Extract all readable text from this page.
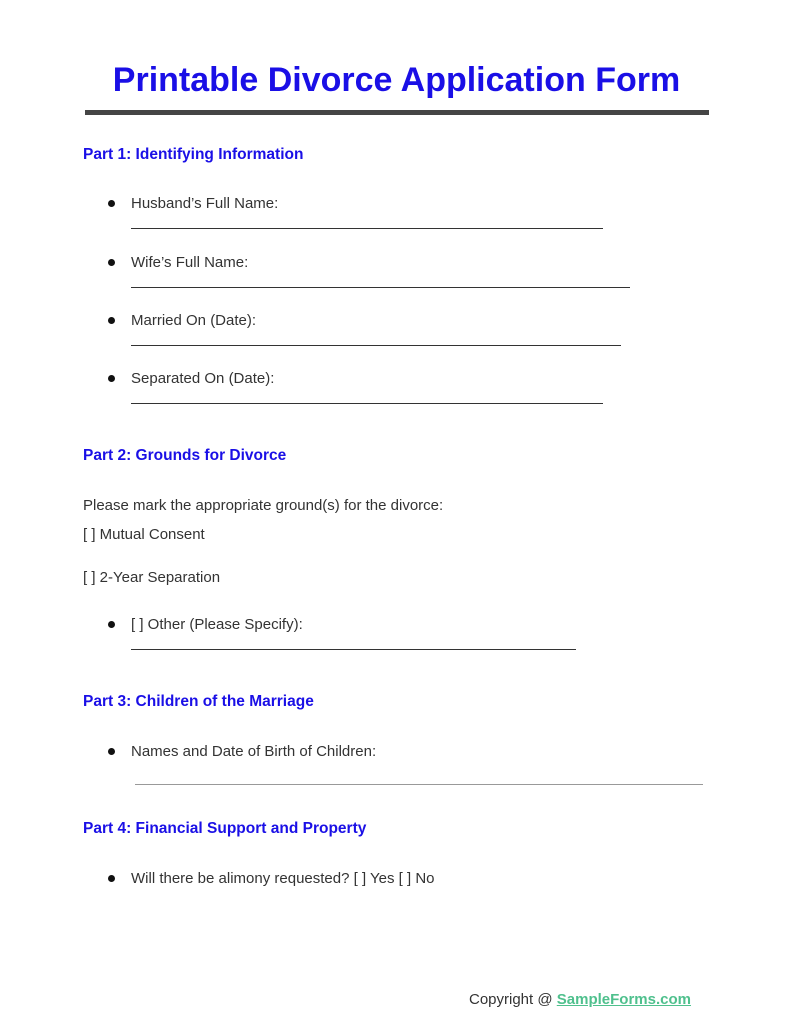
Printable Divorce Application Form
Part 1: Identifying Information
Husband’s Full Name:
Wife’s Full Name:
Married On (Date):
Separated On (Date):
Part 2: Grounds for Divorce
Please mark the appropriate ground(s) for the divorce:
[ ] Mutual Consent
[ ] 2-Year Separation
[ ] Other (Please Specify):
Part 3: Children of the Marriage
Names and Date of Birth of Children:
Part 4: Financial Support and Property
Will there be alimony requested? [ ] Yes [ ] No
Copyright @ SampleForms.com
